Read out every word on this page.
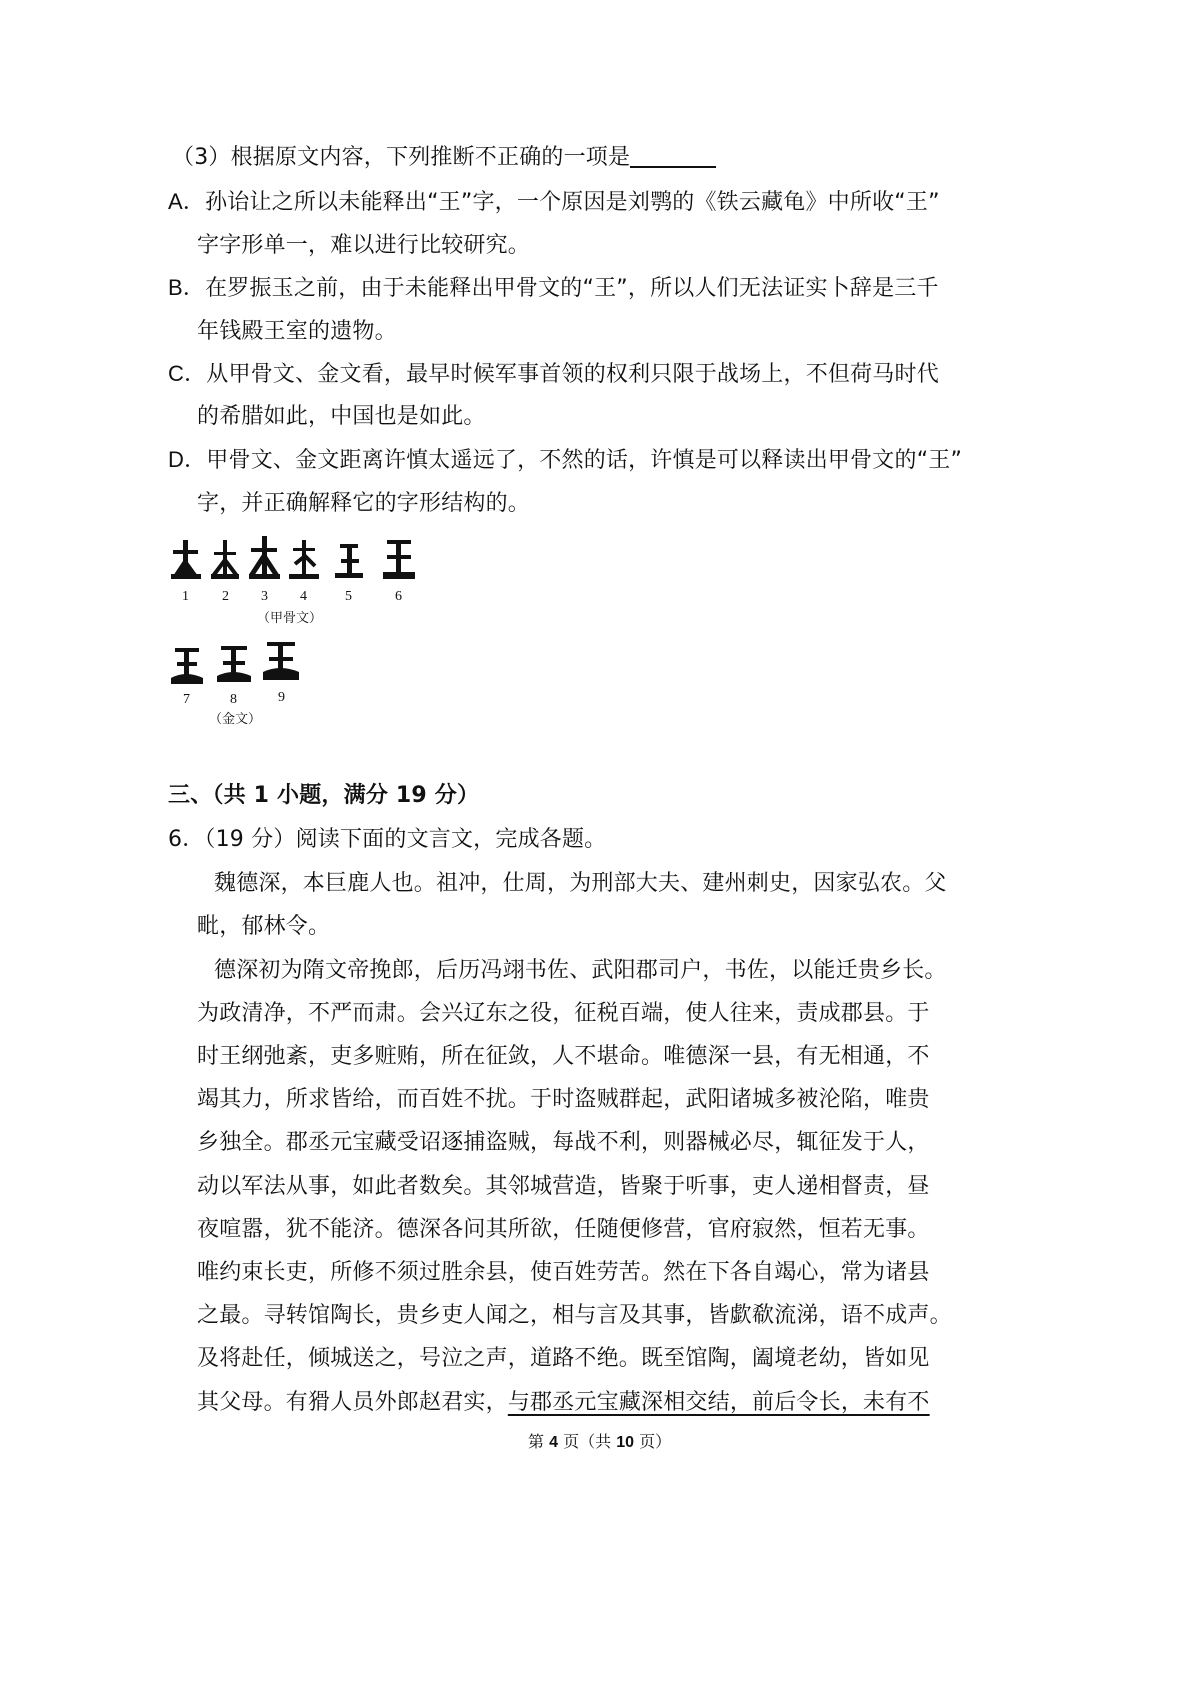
（3）根据原文内容，下列推断不正确的一项是
A．孙诒让之所以未能释出“王”字，一个原因是刘鹗的《铁云藏龟》中所收“王”
字字形单一，难以进行比较研究。
B．在罗振玉之前，由于未能释出甲骨文的“王”，所以人们无法证实卜辞是三千
年钱殿王室的遗物。
C．从甲骨文、金文看，最早时候军事首领的权利只限于战场上，不但荷马时代
的希腊如此，中国也是如此。
D．甲骨文、金文距离许慎太遥远了，不然的话，许慎是可以释读出甲骨文的“王”
字，并正确解释它的字形结构的。
1 2 3 4	5	6
（甲骨文）
7	8	9
（金文）
三、（共 1 小题，满分 19 分）
6．（19 分）阅读下面的文言文，完成各题。
魏德深，本巨鹿人也。祖冲，仕周，为刑部大夫、建州刺史，因家弘农。父
毗，郁林令。
德深初为隋文帝挽郎，后历冯翊书佐、武阳郡司户，书佐，以能迁贵乡长。
为政清净，不严而肃。会兴辽东之役，征税百端，使人往来，责成郡县。于
时王纲弛紊，吏多赃贿，所在征敛，人不堪命。唯德深一县，有无相通，不
竭其力，所求皆给，而百姓不扰。于时盗贼群起，武阳诸城多被沦陷，唯贵
乡独全。郡丞元宝藏受诏逐捕盗贼，每战不利，则器械必尽，辄征发于人，
动以军法从事，如此者数矣。其邻城营造，皆聚于听事，吏人递相督责，昼
夜喧嚣，犹不能济。德深各问其所欲，任随便修营，官府寂然，恒若无事。
唯约束长吏，所修不须过胜余县，使百姓劳苦。然在下各自竭心，常为诸县
之最。寻转馆陶长，贵乡吏人闻之，相与言及其事，皆歔欷流涕，语不成声。
及将赴任，倾城送之，号泣之声，道路不绝。既至馆陶，阖境老幼，皆如见
其父母。有猾人员外郎赵君实，与郡丞元宝藏深相交结，前后令长，未有不
第 4 页（共 10 页）
